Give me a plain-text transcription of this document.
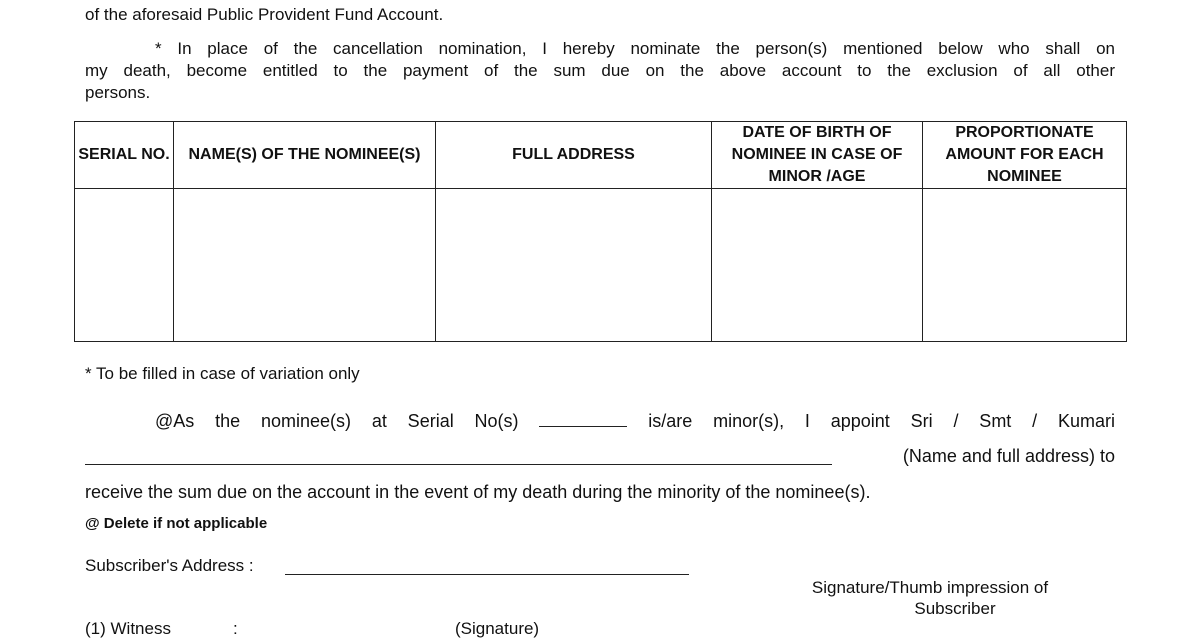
of the aforesaid Public Provident Fund Account.
* In place of the cancellation nomination, I hereby nominate the person(s) mentioned below who shall on
my death, become entitled to the payment of the sum due on the above account to the exclusion of all other
persons.
SERIAL NO.	NAME(S) OF THE NOMINEE(S)	FULL ADDRESS	DATE OF BIRTH OF NOMINEE IN CASE OF MINOR /AGE	PROPORTIONATE AMOUNT FOR EACH NOMINEE

* To be filled in case of variation only
@As the nominee(s) at Serial No(s)	is/are minor(s), I appoint Sri / Smt / Kumari
(Name and full address) to
receive the sum due on the account in the event of my death during the minority of the nominee(s).
@ Delete if not applicable
Subscriber's Address :
Signature/Thumb impression of
Subscriber
(1) Witness	:	(Signature)
